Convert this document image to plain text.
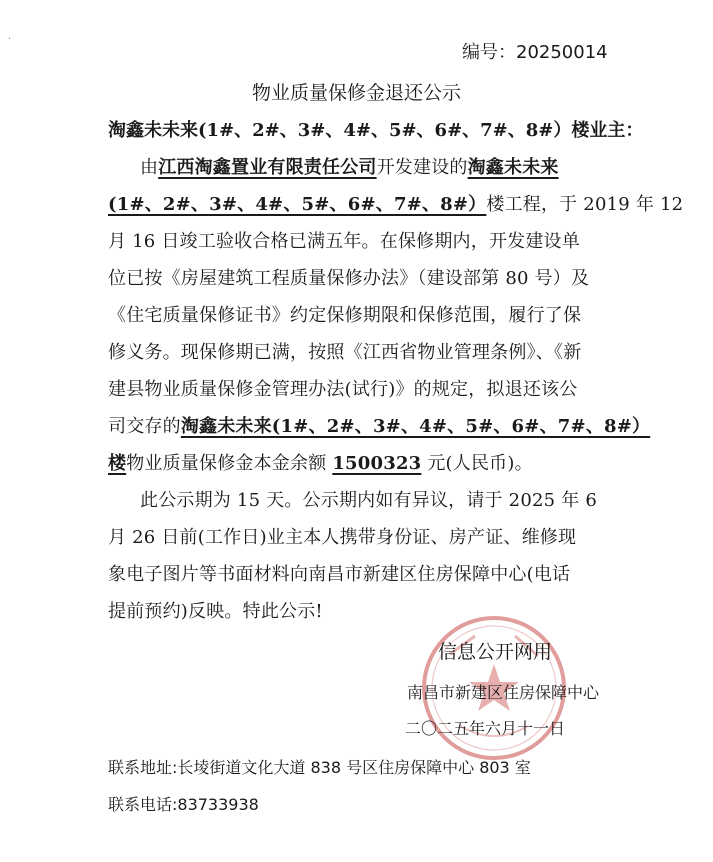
·
编号：20250014
物业质量保修金退还公示
淘鑫未未来(1#、2#、3#、4#、5#、6#、7#、8#）楼业主：
由江西淘鑫置业有限责任公司开发建设的淘鑫未未来
(1#、2#、3#、4#、5#、6#、7#、8#）楼工程，于 2019 年 12
月 16 日竣工验收合格已满五年。在保修期内，开发建设单
位已按《房屋建筑工程质量保修办法》（建设部第 80 号）及
《住宅质量保修证书》约定保修期限和保修范围，履行了保
修义务。现保修期已满，按照《江西省物业管理条例》、《新
建县物业质量保修金管理办法(试行)》的规定，拟退还该公
司交存的淘鑫未未来(1#、2#、3#、4#、5#、6#、7#、8#）
楼物业质量保修金本金余额 1500323 元(人民币)。
此公示期为 15 天。公示期内如有异议，请于 2025 年 6
月 26 日前(工作日)业主本人携带身份证、房产证、维修现
象电子图片等书面材料向南昌市新建区住房保障中心(电话
提前预约)反映。特此公示!
信息公开网用
南昌市新建区住房保障中心
二〇二五年六月十一日
联系地址:长堎街道文化大道 838 号区住房保障中心 803 室
联系电话:83733938
